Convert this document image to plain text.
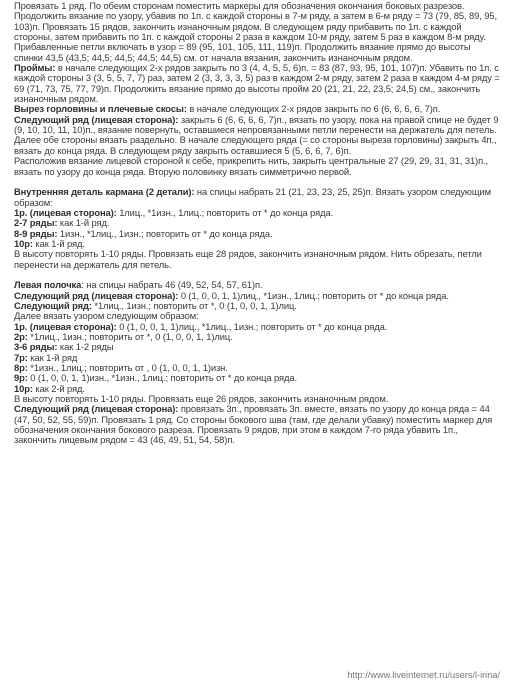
Провязать 1 ряд. По обеим сторонам поместить маркеры для обозначения окончания боковых разрезов. Продолжить вязание по узору, убавив по 1п. с каждой стороны в 7-м ряду, а затем в 6-м ряду = 73 (79, 85, 89, 95, 103)п. Провязать 15 рядов, закончить изнаночным рядом. В следующем ряду прибавить по 1п. с каждой стороны, затем прибавить по 1п. с каждой стороны 2 раза в каждом 10-м ряду, затем 5 раз в каждом 8-м ряду. Прибавленные петли включать в узор = 89 (95, 101, 105, 111, 119)п. Продолжить вязание прямо до высоты спинки 43,5 (43,5; 44,5; 44,5; 44,5; 44,5) см. от начала вязания, закончить изнаночным рядом.

Проймы: в начале следующих 2-х рядов закрыть по 3 (4, 4, 5, 5, 6)п. = 83 (87, 93, 95, 101, 107)п. Убавить по 1п. с каждой стороны 3 (3, 5, 5, 7, 7) раз, затем 2 (3, 3, 3, 3, 5) раз в каждом 2-м ряду, затем 2 раза в каждом 4-м ряду = 69 (71, 73, 75, 77, 79)п. Продолжить вязание прямо до высоты пройм 20 (21, 21, 22, 23,5; 24,5) см., закончить изнаночным рядом.

Вырез горловины и плечевые скосы: в начале следующих 2-х рядов закрыть по 6 (6, 6, 6, 6, 7)п.

Следующий ряд (лицевая сторона): закрыть 6 (6, 6, 6, 6, 7)п., вязать по узору, пока на правой спице не будет 9 (9, 10, 10, 11, 10)п., вязание повернуть, оставшиеся непровязанными петли перенести на держатель для петель. Далее обе стороны вязать раздельно. В начале следующего ряда (= со стороны выреза горловины) закрыть 4п., вязать до конца ряда. В следующем ряду закрыть оставшиеся 5 (5, 6, 6, 7, 6)п.

Расположив вязание лицевой стороной к себе, прикрепить нить, закрыть центральные 27 (29, 29, 31, 31, 31)п., вязать по узору до конца ряда. Вторую половинку вязать симметрично первой.

Внутренняя деталь кармана (2 детали): на спицы набрать 21 (21, 23, 23, 25, 25)п. Вязать узором следующим образом:

1р. (лицевая сторона): 1лиц., *1изн., 1лиц.; повторить от * до конца ряда.

2-7 ряды: как 1-й ряд.

8-9 ряды: 1изн., *1лиц., 1изн.; повторить от * до конца ряда.

10р: как 1-й ряд.

В высоту повторять 1-10 ряды. Провязать еще 28 рядов, закончить изнаночным рядом. Нить обрезать, петли перенести на держатель для петель.

Левая полочка: на спицы набрать 46 (49, 52, 54, 57, 61)п.

Следующий ряд (лицевая сторона): 0 (1, 0, 0, 1, 1)лиц., *1изн., 1лиц.; повторить от * до конца ряда.

Следующий ряд: *1лиц., 1изн.; повторить от *, 0 (1, 0, 0, 1, 1)лиц.

Далее вязать узором следующим образом:

1р. (лицевая сторона): 0 (1, 0, 0, 1, 1)лиц., *1лиц., 1изн.; повторить от * до конца ряда.

2р: *1лиц., 1изн.; повторить от *, 0 (1, 0, 0, 1, 1)лиц.

3-6 ряды: как 1-2 ряды

7р: как 1-й ряд

8р: *1изн., 1лиц.; повторить от , 0 (1, 0, 0, 1, 1)изн.

9р: 0 (1, 0, 0, 1, 1)изн., *1изн., 1лиц.; повторить от * до конца ряда.

10р: как 2-й ряд.

В высоту повторять 1-10 ряды. Провязать еще 26 рядов, закончить изнаночным рядом.

Следующий ряд (лицевая сторона): провязать 3п., провязать 3п. вместе, вязать по узору до конца ряда = 44 (47, 50, 52, 55, 59)п. Провязать 1 ряд. Со стороны бокового шва (там, где делали убавку) поместить маркер для обозначения окончания бокового разреза. Провязать 9 рядов, при этом в каждом 7-го ряда убавить 1п., закончить лицевым рядом = 43 (46, 49, 51, 54, 58)п.

http://www.liveinternet.ru/users/l-irina/
